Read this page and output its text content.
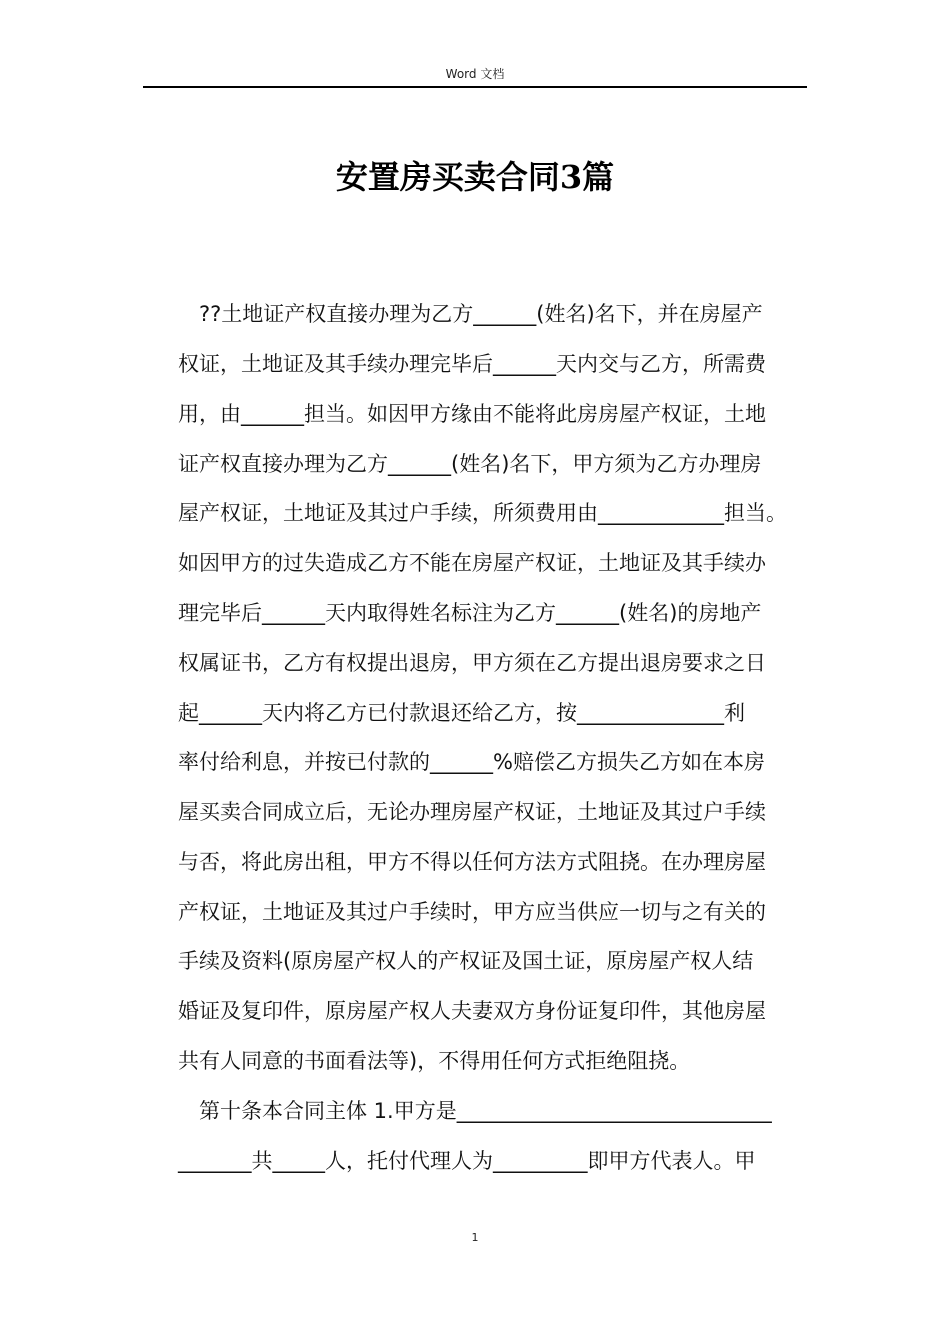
Word 文档
安置房买卖合同3篇
??土地证产权直接办理为乙方______(姓名)名下，并在房屋产
权证，土地证及其手续办理完毕后______天内交与乙方，所需费
用，由______担当。如因甲方缘由不能将此房房屋产权证，土地
证产权直接办理为乙方______(姓名)名下，甲方须为乙方办理房
屋产权证，土地证及其过户手续，所须费用由____________担当。
如因甲方的过失造成乙方不能在房屋产权证，土地证及其手续办
理完毕后______天内取得姓名标注为乙方______(姓名)的房地产
权属证书，乙方有权提出退房，甲方须在乙方提出退房要求之日
起______天内将乙方已付款退还给乙方，按______________利
率付给利息，并按已付款的______%赔偿乙方损失乙方如在本房
屋买卖合同成立后，无论办理房屋产权证，土地证及其过户手续
与否，将此房出租，甲方不得以任何方法方式阻挠。在办理房屋
产权证，土地证及其过户手续时，甲方应当供应一切与之有关的
手续及资料(原房屋产权人的产权证及国土证，原房屋产权人结
婚证及复印件，原房屋产权人夫妻双方身份证复印件，其他房屋
共有人同意的书面看法等)，不得用任何方式拒绝阻挠。
第十条本合同主体 1.甲方是______________________________
_______共_____人，托付代理人为_________即甲方代表人。甲
1
